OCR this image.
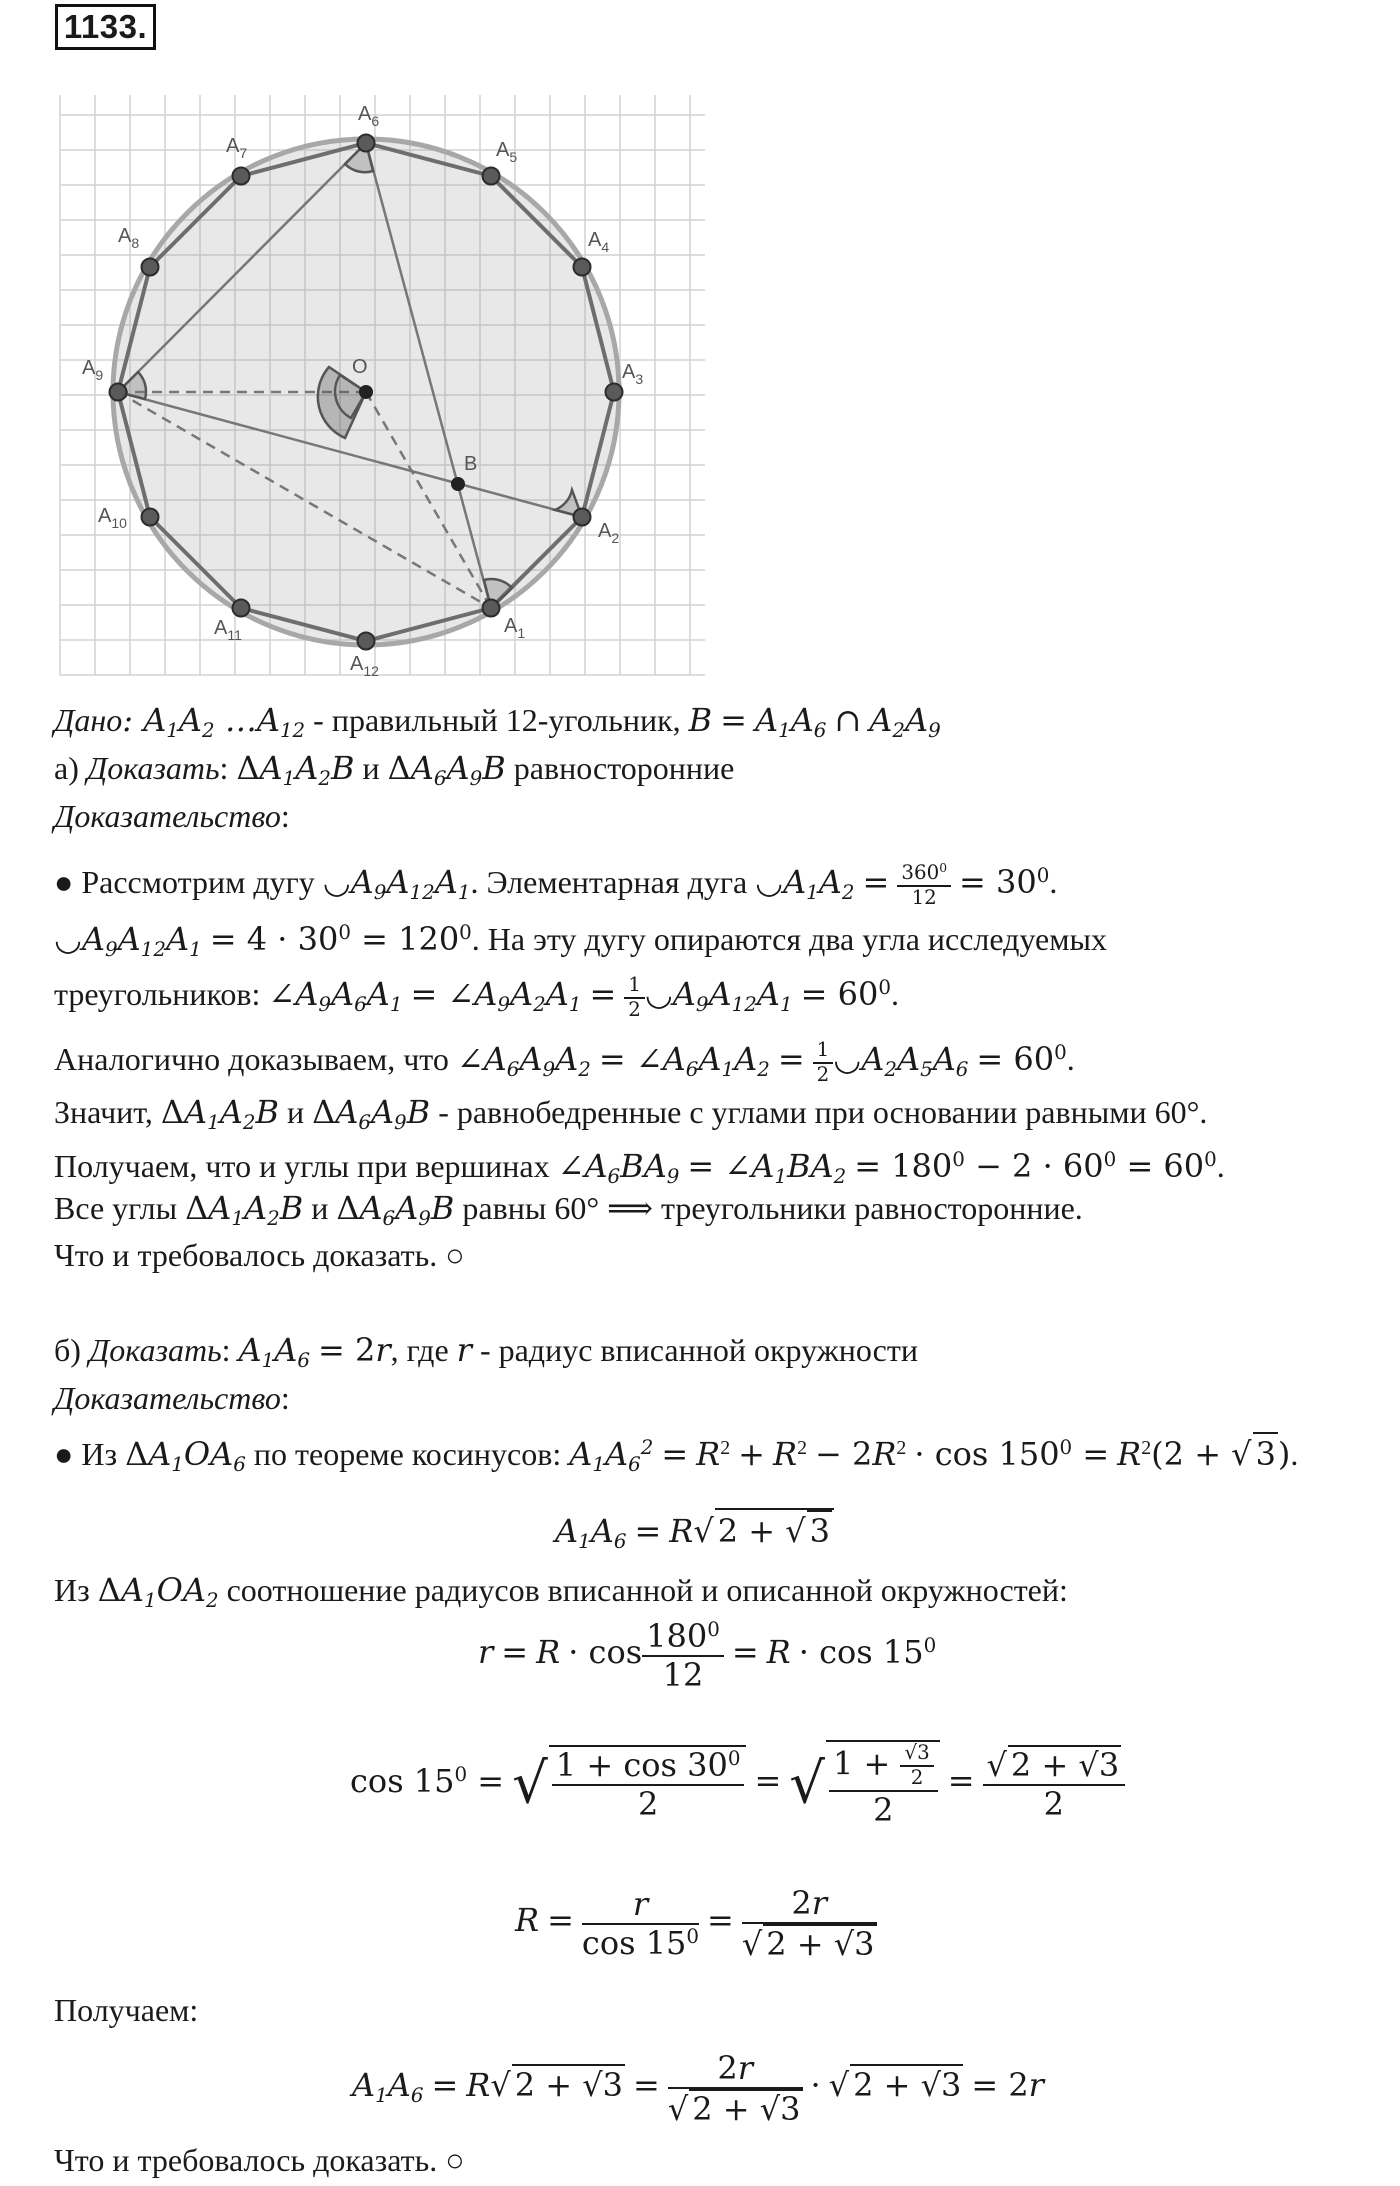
1133.
$A_1$
$A_2$
$A_3$
$A_4$
$A_5$
$A_6$
$A_7$
$A_8$
$A_9$
$A_{10}$
$A_{11}$
$A_{12}$
O
B
Дано: $A_1A_2$ $\dots A_{12}$ - правильный 12-угольник, $B = A_1A_6$ ∩ $A_2A_9$
а) Доказать: $\Delta A_1A_2B$ и $\Delta A_6A_9B$ равносторонние
Доказательство:
● Рассмотрим дугу $◡A_9A_{12}A_1$. Элементарная дуга $◡A_1A_2 = \frac{360^0}{12} = 30^0$.
$◡A_9A_{12}A_1 = 4 \cdot 30^0 = 120^0$. На эту дугу опираются два угла исследуемых
треугольников: $\angle A_9A_6A_1$ = $\angle A_9A_2A_1 = \frac{1}{2}$ $◡A_9A_{12}A_1 = 60^0$.
Аналогично доказываем, что $\angle A_6A_9A_2$ = $\angle A_6A_1A_2 = \frac{1}{2}$ $◡A_2A_5A_6 = 60^0$.
Значит, $\Delta A_1A_2B$ и $\Delta A_6A_9B$ - равнобедренные с углами при основании равными 60°.
Получаем, что и углы при вершинах $\angle A_6BA_9$ = $\angle A_1BA_2 = 180^0 - 2 \cdot 60^0 = 60^0$.
Все углы $\Delta A_1A_2B$ и $\Delta A_6A_9B$ равны 60° ⟹ треугольники равносторонние.
Что и требовалось доказать. ○
б) Доказать: $A_1A_6 = 2r$, где r - радиус вписанной окружности
Доказательство:
● Из $\Delta A_1OA_6$ по теореме косинусов: $A_1A_6^2 = R^2 + R^2 - 2R^2 \cdot \cos 150^0 = R^2(2$ + √ 3).
$A_1A_6 = R√$ 2 + √ 3
Из $\Delta A_1OA_2$ соотношение радиусов вписанной и описанной окружностей:
$r = R \cdot \cos \frac{180^0}{12} = R \cdot \cos 15^0$
$\cos 15^0$ = √ $\frac{1 + \cos 30^0}{2}$ = √ $\frac{1 + \frac{√3}{2}}{2} = \frac{√ 2 + √3}{2}$
$R = \frac{r}{\cos 15^0} = \frac{2r}{√ 2 + √3}$
Получаем:
$A_1A_6 = R√$ $2 + √3 = \frac{2r}{√ 2 + √3}$ · √ 2 + √3 = 2r
Что и требовалось доказать. ○
